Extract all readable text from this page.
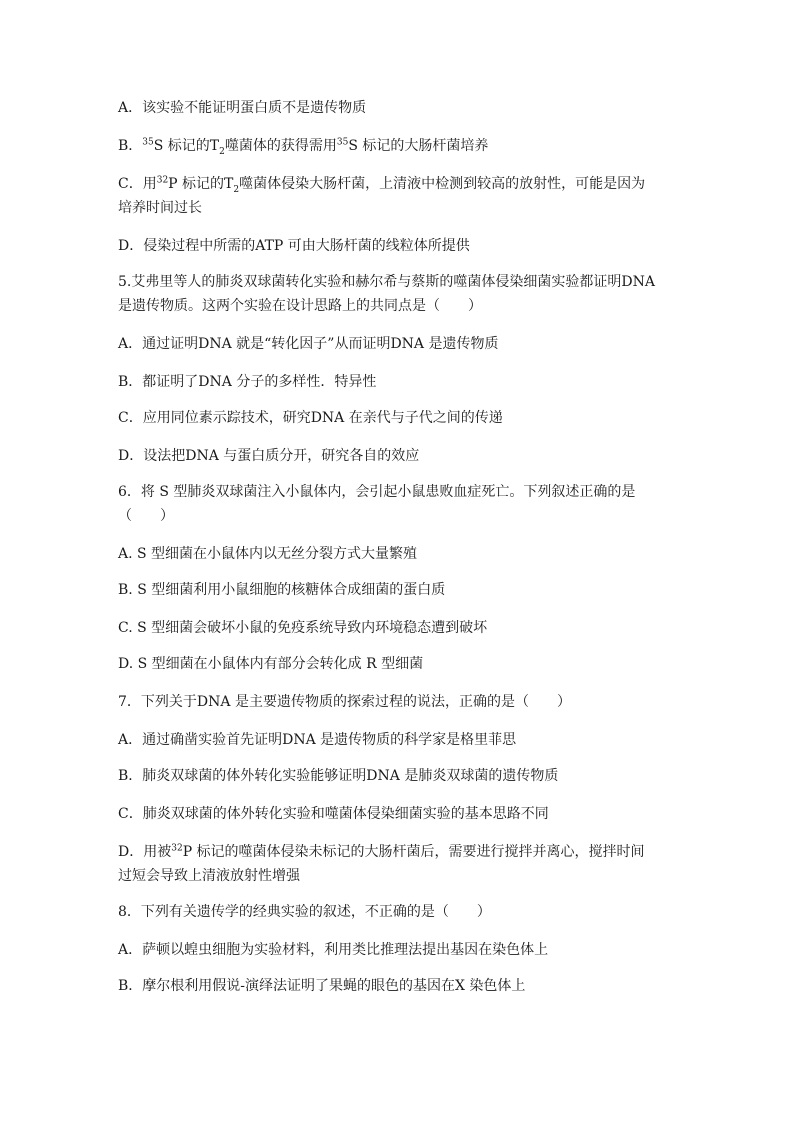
A．该实验不能证明蛋白质不是遗传物质
B．$^{35}$S 标记的$T_2$噬菌体的获得需用$^{35}$S 标记的大肠杆菌培养
C．用$^{32}$P 标记的$T_2$噬菌体侵染大肠杆菌，上清液中检测到较高的放射性，可能是因为
培养时间过长
D．侵染过程中所需的ATP 可由大肠杆菌的线粒体所提供
5.艾弗里等人的肺炎双球菌转化实验和赫尔希与蔡斯的噬菌体侵染细菌实验都证明DNA
是遗传物质。这两个实验在设计思路上的共同点是（　　）
A．通过证明DNA 就是“转化因子”从而证明DNA 是遗传物质
B．都证明了DNA 分子的多样性．特异性
C．应用同位素示踪技术，研究DNA 在亲代与子代之间的传递
D．设法把DNA 与蛋白质分开，研究各自的效应
6．将 S 型肺炎双球菌注入小鼠体内，会引起小鼠患败血症死亡。下列叙述正确的是
（　　）
A. S 型细菌在小鼠体内以无丝分裂方式大量繁殖
B. S 型细菌利用小鼠细胞的核糖体合成细菌的蛋白质
C. S 型细菌会破坏小鼠的免疫系统导致内环境稳态遭到破坏
D. S 型细菌在小鼠体内有部分会转化成 R 型细菌
7．下列关于DNA 是主要遗传物质的探索过程的说法，正确的是（　　）
A．通过确凿实验首先证明DNA 是遗传物质的科学家是格里菲思
B．肺炎双球菌的体外转化实验能够证明DNA 是肺炎双球菌的遗传物质
C．肺炎双球菌的体外转化实验和噬菌体侵染细菌实验的基本思路不同
D．用被$^{32}$P 标记的噬菌体侵染未标记的大肠杆菌后，需要进行搅拌并离心，搅拌时间
过短会导致上清液放射性增强
8．下列有关遗传学的经典实验的叙述，不正确的是（　　）
A．萨顿以蝗虫细胞为实验材料，利用类比推理法提出基因在染色体上
B．摩尔根利用假说-演绎法证明了果蝇的眼色的基因在X 染色体上
